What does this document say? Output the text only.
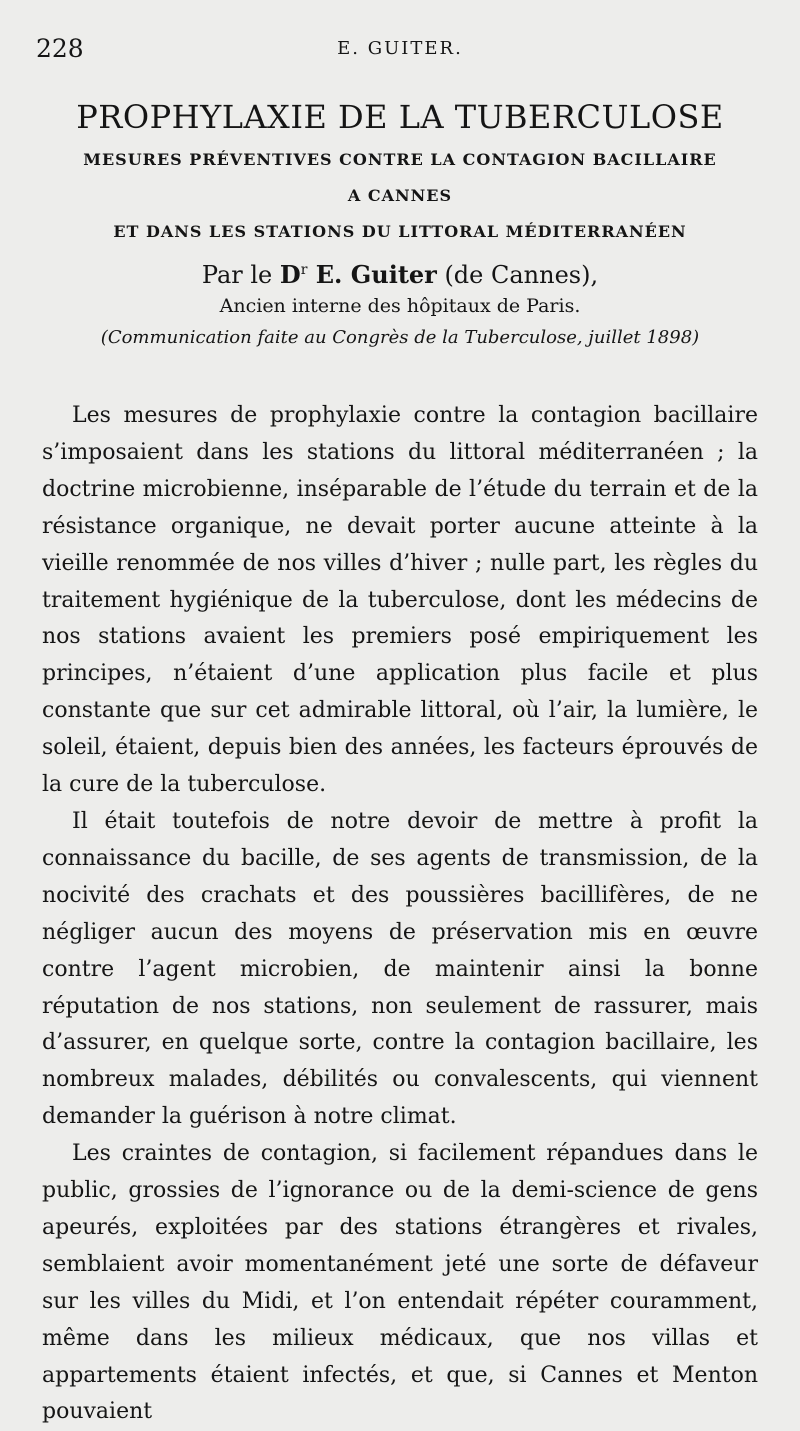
228	E. GUITER.
PROPHYLAXIE DE LA TUBERCULOSE
MESURES PRÉVENTIVES CONTRE LA CONTAGION BACILLAIRE
A CANNES
ET DANS LES STATIONS DU LITTORAL MÉDITERRANÉEN
Par le $D^r$ E. Guiter (de Cannes),
Ancien interne des hôpitaux de Paris.
(Communication faite au Congrès de la Tuberculose, juillet 1898)

Les mesures de prophylaxie contre la contagion bacillaire s’imposaient dans les stations du littoral méditerranéen ; la doctrine microbienne, inséparable de l’étude du terrain et de la résistance organique, ne devait porter aucune atteinte à la vieille renommée de nos villes d’hiver ; nulle part, les règles du traitement hygiénique de la tuberculose, dont les médecins de nos stations avaient les premiers posé empiriquement les principes, n’étaient d’une application plus facile et plus constante que sur cet admirable littoral, où l’air, la lumière, le soleil, étaient, depuis bien des années, les facteurs éprouvés de la cure de la tuberculose.

Il était toutefois de notre devoir de mettre à profit la connaissance du bacille, de ses agents de transmission, de la nocivité des crachats et des poussières bacillifères, de ne négliger aucun des moyens de préservation mis en œuvre contre l’agent microbien, de maintenir ainsi la bonne réputation de nos stations, non seulement de rassurer, mais d’assurer, en quelque sorte, contre la contagion bacillaire, les nombreux malades, débilités ou convalescents, qui viennent demander la guérison à notre climat.

Les craintes de contagion, si facilement répandues dans le public, grossies de l’ignorance ou de la demi-science de gens apeurés, exploitées par des stations étrangères et rivales, semblaient avoir momentanément jeté une sorte de défaveur sur les villes du Midi, et l’on entendait répéter couramment, même dans les milieux médicaux, que nos villas et appartements étaient infectés, et que, si Cannes et Menton pouvaient
